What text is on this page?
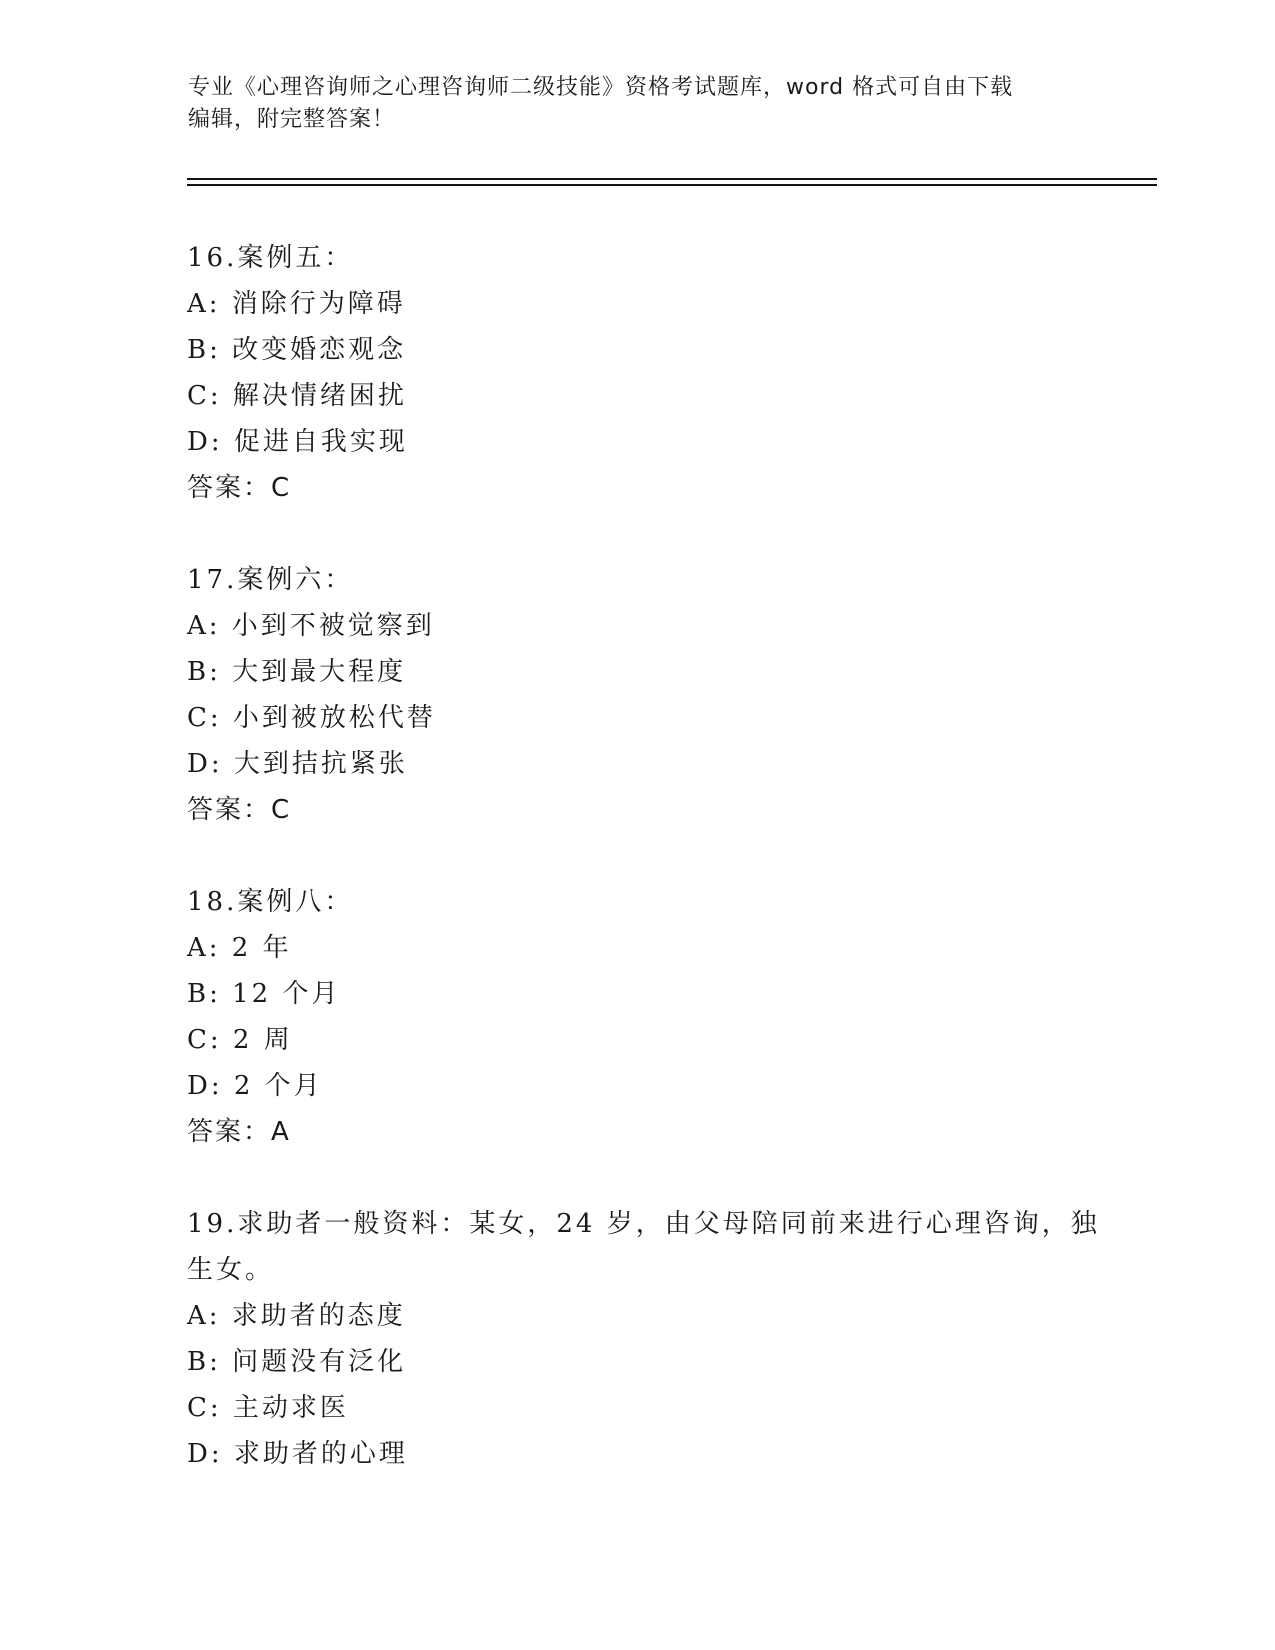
专业《心理咨询师之心理咨询师二级技能》资格考试题库，word 格式可自由下载
编辑，附完整答案！
16.案例五：
A: 消除行为障碍
B: 改变婚恋观念
C: 解决情绪困扰
D: 促进自我实现
答案：C
17.案例六：
A: 小到不被觉察到
B: 大到最大程度
C: 小到被放松代替
D: 大到拮抗紧张
答案：C
18.案例八：
A: 2 年
B: 12 个月
C: 2 周
D: 2 个月
答案：A
19.求助者一般资料：某女，24 岁，由父母陪同前来进行心理咨询，独
生女。
A: 求助者的态度
B: 问题没有泛化
C: 主动求医
D: 求助者的心理
